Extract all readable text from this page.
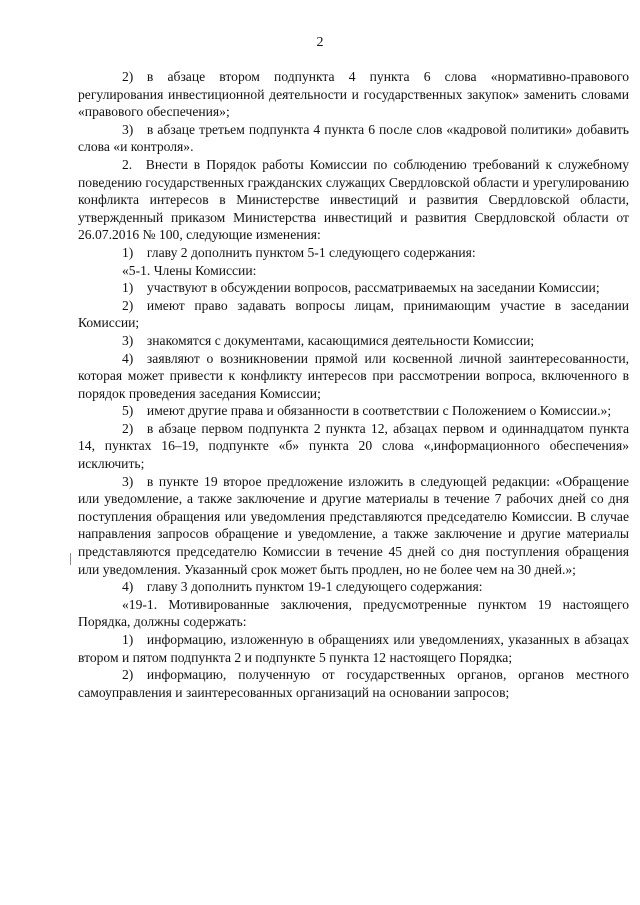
2

2) в абзаце втором подпункта 4 пункта 6 слова «нормативно-правового регулирования инвестиционной деятельности и государственных закупок» заменить словами «правового обеспечения»;

3) в абзаце третьем подпункта 4 пункта 6 после слов «кадровой политики» добавить слова «и контроля».

2. Внести в Порядок работы Комиссии по соблюдению требований к служебному поведению государственных гражданских служащих Свердловской области и урегулированию конфликта интересов в Министерстве инвестиций и развития Свердловской области, утвержденный приказом Министерства инвестиций и развития Свердловской области от 26.07.2016 № 100, следующие изменения:

1) главу 2 дополнить пунктом 5-1 следующего содержания:

«5-1. Члены Комиссии:

1) участвуют в обсуждении вопросов, рассматриваемых на заседании Комиссии;

2) имеют право задавать вопросы лицам, принимающим участие в заседании Комиссии;

3) знакомятся с документами, касающимися деятельности Комиссии;

4) заявляют о возникновении прямой или косвенной личной заинтересованности, которая может привести к конфликту интересов при рассмотрении вопроса, включенного в порядок проведения заседания Комиссии;

5) имеют другие права и обязанности в соответствии с Положением о Комиссии.»;

2) в абзаце первом подпункта 2 пункта 12, абзацах первом и одиннадцатом пункта 14, пунктах 16–19, подпункте «б» пункта 20 слова «,информационного обеспечения» исключить;

3) в пункте 19 второе предложение изложить в следующей редакции: «Обращение или уведомление, а также заключение и другие материалы в течение 7 рабочих дней со дня поступления обращения или уведомления представляются председателю Комиссии. В случае направления запросов обращение и уведомление, а также заключение и другие материалы представляются председателю Комиссии в течение 45 дней со дня поступления обращения или уведомления. Указанный срок может быть продлен, но не более чем на 30 дней.»;

4) главу 3 дополнить пунктом 19-1 следующего содержания:

«19-1. Мотивированные заключения, предусмотренные пунктом 19 настоящего Порядка, должны содержать:

1) информацию, изложенную в обращениях или уведомлениях, указанных в абзацах втором и пятом подпункта 2 и подпункте 5 пункта 12 настоящего Порядка;

2) информацию, полученную от государственных органов, органов местного самоуправления и заинтересованных организаций на основании запросов;
